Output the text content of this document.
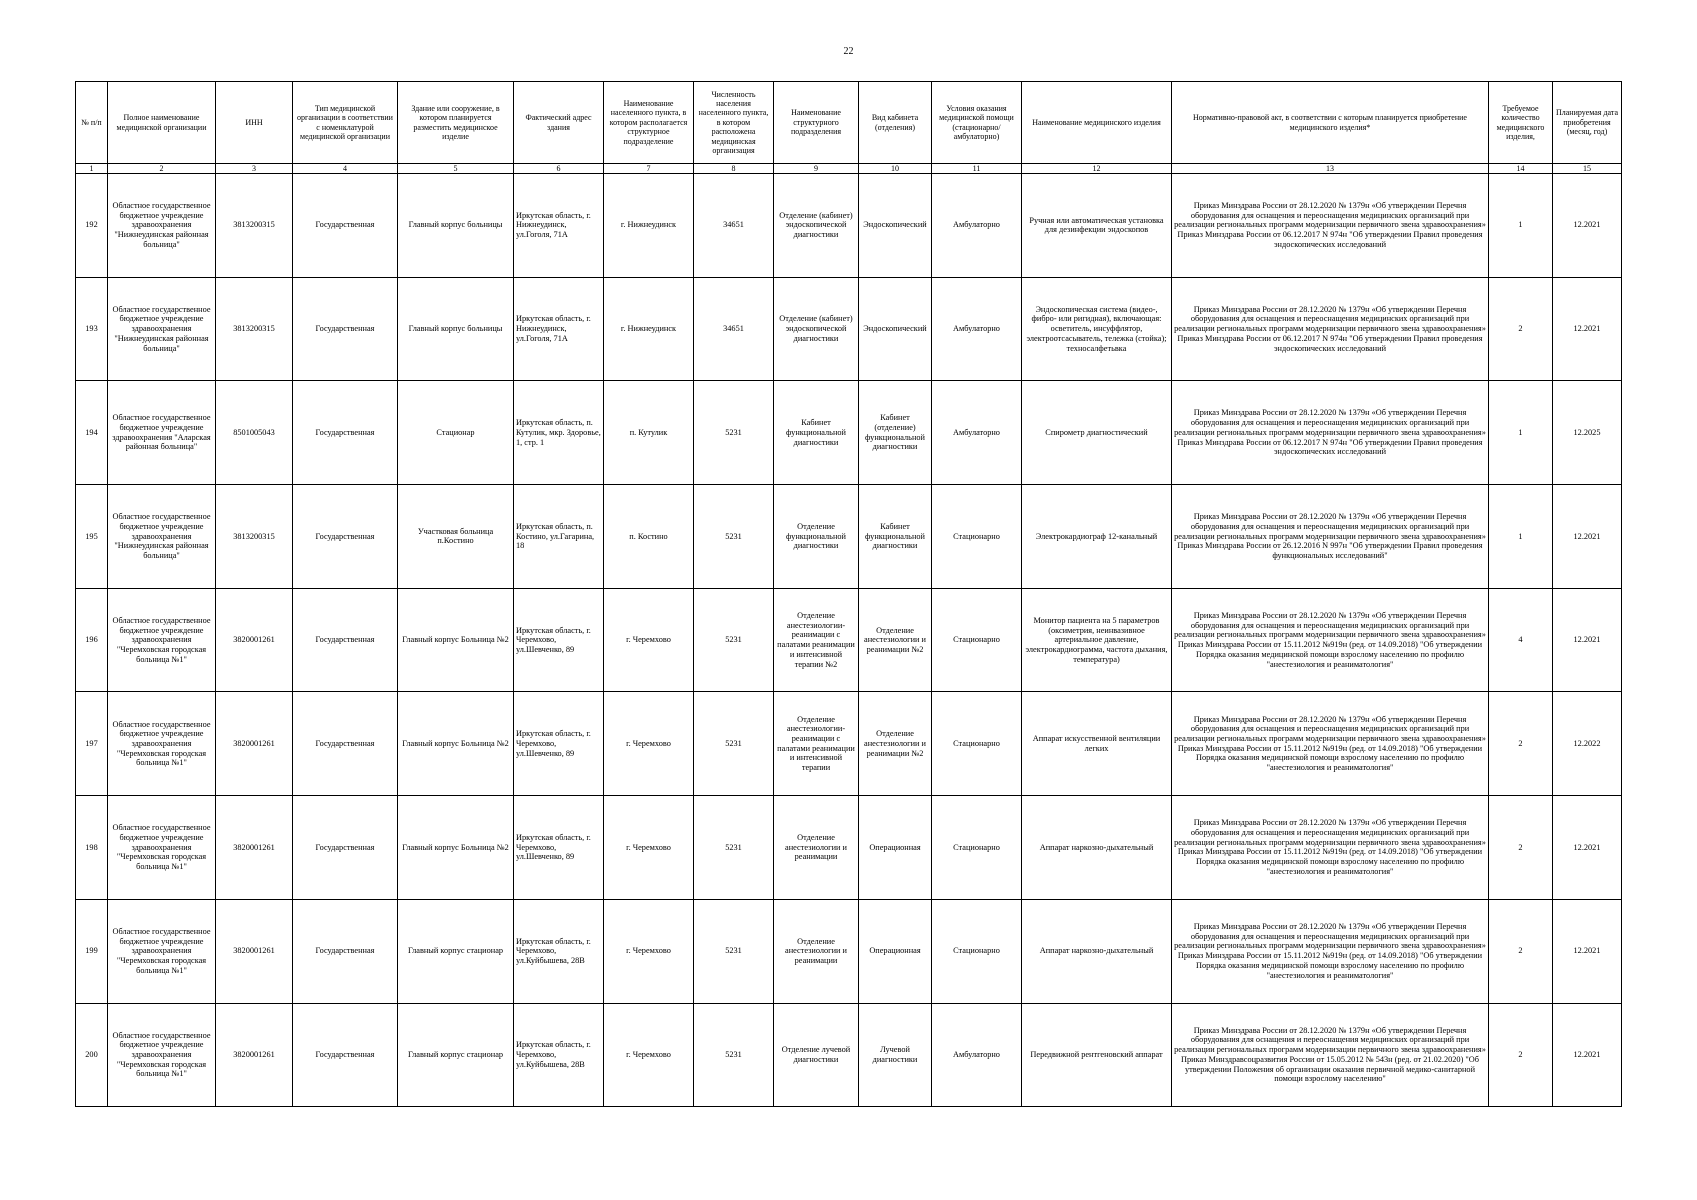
22
№ п/п	Полное наименование медицинской организации	ИНН	Тип медицинской организации в соответствии с номенклатурой медицинской организации	Здание или сооружение, в котором планируется разместить медицинское изделие	Фактический адрес здания	Наименование населенного пункта, в котором располагается структурное подразделение	Численность населения населенного пункта, в котором расположена медицинская организация	Наименование структурного подразделения	Вид кабинета (отделения)	Условия оказания медицинской помощи (стационарно/амбулаторно)	Наименование медицинского изделия	Нормативно-правовой акт, в соответствии с которым планируется приобретение медицинского изделия*	Требуемое количество медицинского изделия,	Планируемая дата приобретения (месяц, год)
1	2	3	4	5	6	7	8	9	10	11	12	13	14	15
192	Областное государственное бюджетное учреждение здравоохранения "Нижнеудинская районная больница"	3813200315	Государственная	Главный корпус больницы	Иркутская область, г. Нижнеудинск, ул.Гоголя, 71А	г. Нижнеудинск	34651	Отделение (кабинет) эндоскопической диагностики	Эндоскопический	Амбулаторно	Ручная или автоматическая установка для дезинфекции эндоскопов	Приказ Минздрава России от 28.12.2020 № 1379н «Об утверждении Перечня оборудования для оснащения и переоснащения медицинских организаций при реализации региональных программ модернизации первичного звена здравоохранения» Приказ Минздрава России от 06.12.2017 N 974н "Об утверждении Правил проведения эндоскопических исследований	1	12.2021
193	Областное государственное бюджетное учреждение здравоохранения "Нижнеудинская районная больница"	3813200315	Государственная	Главный корпус больницы	Иркутская область, г. Нижнеудинск, ул.Гоголя, 71А	г. Нижнеудинск	34651	Отделение (кабинет) эндоскопической диагностики	Эндоскопический	Амбулаторно	Эндоскопическая система (видео-, фибро- или ригидная), включающая: осветитель, инсуффлятор, электроотсасыватель, тележка (стойка); техносалфетьвка	Приказ Минздрава России от 28.12.2020 № 1379н «Об утверждении Перечня оборудования для оснащения и переоснащения медицинских организаций при реализации региональных программ модернизации первичного звена здравоохранения» Приказ Минздрава России от 06.12.2017 N 974н "Об утверждении Правил проведения эндоскопических исследований	2	12.2021
194	Областное государственное бюджетное учреждение здравоохранения "Аларская районная больница"	8501005043	Государственная	Стационар	Иркутская область, п. Кутулик, мкр. Здоровье, 1, стр. 1	п. Кутулик	5231	Кабинет функциональной диагностики	Кабинет (отделение) функциональной диагностики	Амбулаторно	Спирометр диагностический	Приказ Минздрава России от 28.12.2020 № 1379н «Об утверждении Перечня оборудования для оснащения и переоснащения медицинских организаций при реализации региональных программ модернизации первичного звена здравоохранения» Приказ Минздрава России от 06.12.2017 N 974н "Об утверждении Правил проведения эндоскопических исследований	1	12.2025
195	Областное государственное бюджетное учреждение здравоохранения "Нижнеудинская районная больница"	3813200315	Государственная	Участковая больница п.Костино	Иркутская область, п. Костино, ул.Гагарина, 18	п. Костино	5231	Отделение функциональной диагностики	Кабинет функциональной диагностики	Стационарно	Электрокардиограф 12-канальный	Приказ Минздрава России от 28.12.2020 № 1379н «Об утверждении Перечня оборудования для оснащения и переоснащения медицинских организаций при реализации региональных программ модернизации первичного звена здравоохранения» Приказ Минздрава России от 26.12.2016 N 997н "Об утверждении Правил проведения функциональных исследований"	1	12.2021
196	Областное государственное бюджетное учреждение здравоохранения "Черемховская городская больница №1"	3820001261	Государственная	Главный корпус Больница №2	Иркутская область, г. Черемхово, ул.Шевченко, 89	г. Черемхово	5231	Отделение анестезиологии-реанимации с палатами реанимации и интенсивной терапии №2	Отделение анестезиологии и реанимации №2	Стационарно	Монитор пациента на 5 параметров (оксиметрия, неинвазивное артериальное давление, электрокардиограмма, частота дыхания, температура)	Приказ Минздрава России от 28.12.2020 № 1379н «Об утверждении Перечня оборудования для оснащения и переоснащения медицинских организаций при реализации региональных программ модернизации первичного звена здравоохранения» Приказ Минздрава России от 15.11.2012 №919н (ред. от 14.09.2018) "Об утверждении Порядка оказания медицинской помощи взрослому населению по профилю "анестезиология и реаниматология"	4	12.2021
197	Областное государственное бюджетное учреждение здравоохранения "Черемховская городская больница №1"	3820001261	Государственная	Главный корпус Больница №2	Иркутская область, г. Черемхово, ул.Шевченко, 89	г. Черемхово	5231	Отделение анестезиологии-реанимации с палатами реанимации и интенсивной терапии	Отделение анестезиологии и реанимации №2	Стационарно	Аппарат искусственной вентиляции легких	Приказ Минздрава России от 28.12.2020 № 1379н «Об утверждении Перечня оборудования для оснащения и переоснащения медицинских организаций при реализации региональных программ модернизации первичного звена здравоохранения» Приказ Минздрава России от 15.11.2012 №919н (ред. от 14.09.2018) "Об утверждении Порядка оказания медицинской помощи взрослому населению по профилю "анестезиология и реаниматология"	2	12.2022
198	Областное государственное бюджетное учреждение здравоохранения "Черемховская городская больница №1"	3820001261	Государственная	Главный корпус Больница №2	Иркутская область, г. Черемхово, ул.Шевченко, 89	г. Черемхово	5231	Отделение анестезиологии и реанимации	Операционная	Стационарно	Аппарат наркозно-дыхательный	Приказ Минздрава России от 28.12.2020 № 1379н «Об утверждении Перечня оборудования для оснащения и переоснащения медицинских организаций при реализации региональных программ модернизации первичного звена здравоохранения» Приказ Минздрава России от 15.11.2012 №919н (ред. от 14.09.2018) "Об утверждении Порядка оказания медицинской помощи взрослому населению по профилю "анестезиология и реаниматология"	2	12.2021
199	Областное государственное бюджетное учреждение здравоохранения "Черемховская городская больница №1"	3820001261	Государственная	Главный корпус стационар	Иркутская область, г. Черемхово, ул.Куйбышева, 28В	г. Черемхово	5231	Отделение анестезиологии и реанимации	Операционная	Стационарно	Аппарат наркозно-дыхательный	Приказ Минздрава России от 28.12.2020 № 1379н «Об утверждении Перечня оборудования для оснащения и переоснащения медицинских организаций при реализации региональных программ модернизации первичного звена здравоохранения» Приказ Минздрава России от 15.11.2012 №919н (ред. от 14.09.2018) "Об утверждении Порядка оказания медицинской помощи взрослому населению по профилю "анестезиология и реаниматология"	2	12.2021
200	Областное государственное бюджетное учреждение здравоохранения "Черемховская городская больница №1"	3820001261	Государственная	Главный корпус стационар	Иркутская область, г. Черемхово, ул.Куйбышева, 28В	г. Черемхово	5231	Отделение лучевой диагностики	Лучевой диагностики	Амбулаторно	Передвижной рентгеновский аппарат	Приказ Минздрава России от 28.12.2020 № 1379н «Об утверждении Перечня оборудования для оснащения и переоснащения медицинских организаций при реализации региональных программ модернизации первичного звена здравоохранения» Приказ Минздравсоцразвития России от 15.05.2012 № 543н (ред. от 21.02.2020) "Об утверждении Положения об организации оказания первичной медико-санитарной помощи взрослому населению"	2	12.2021
